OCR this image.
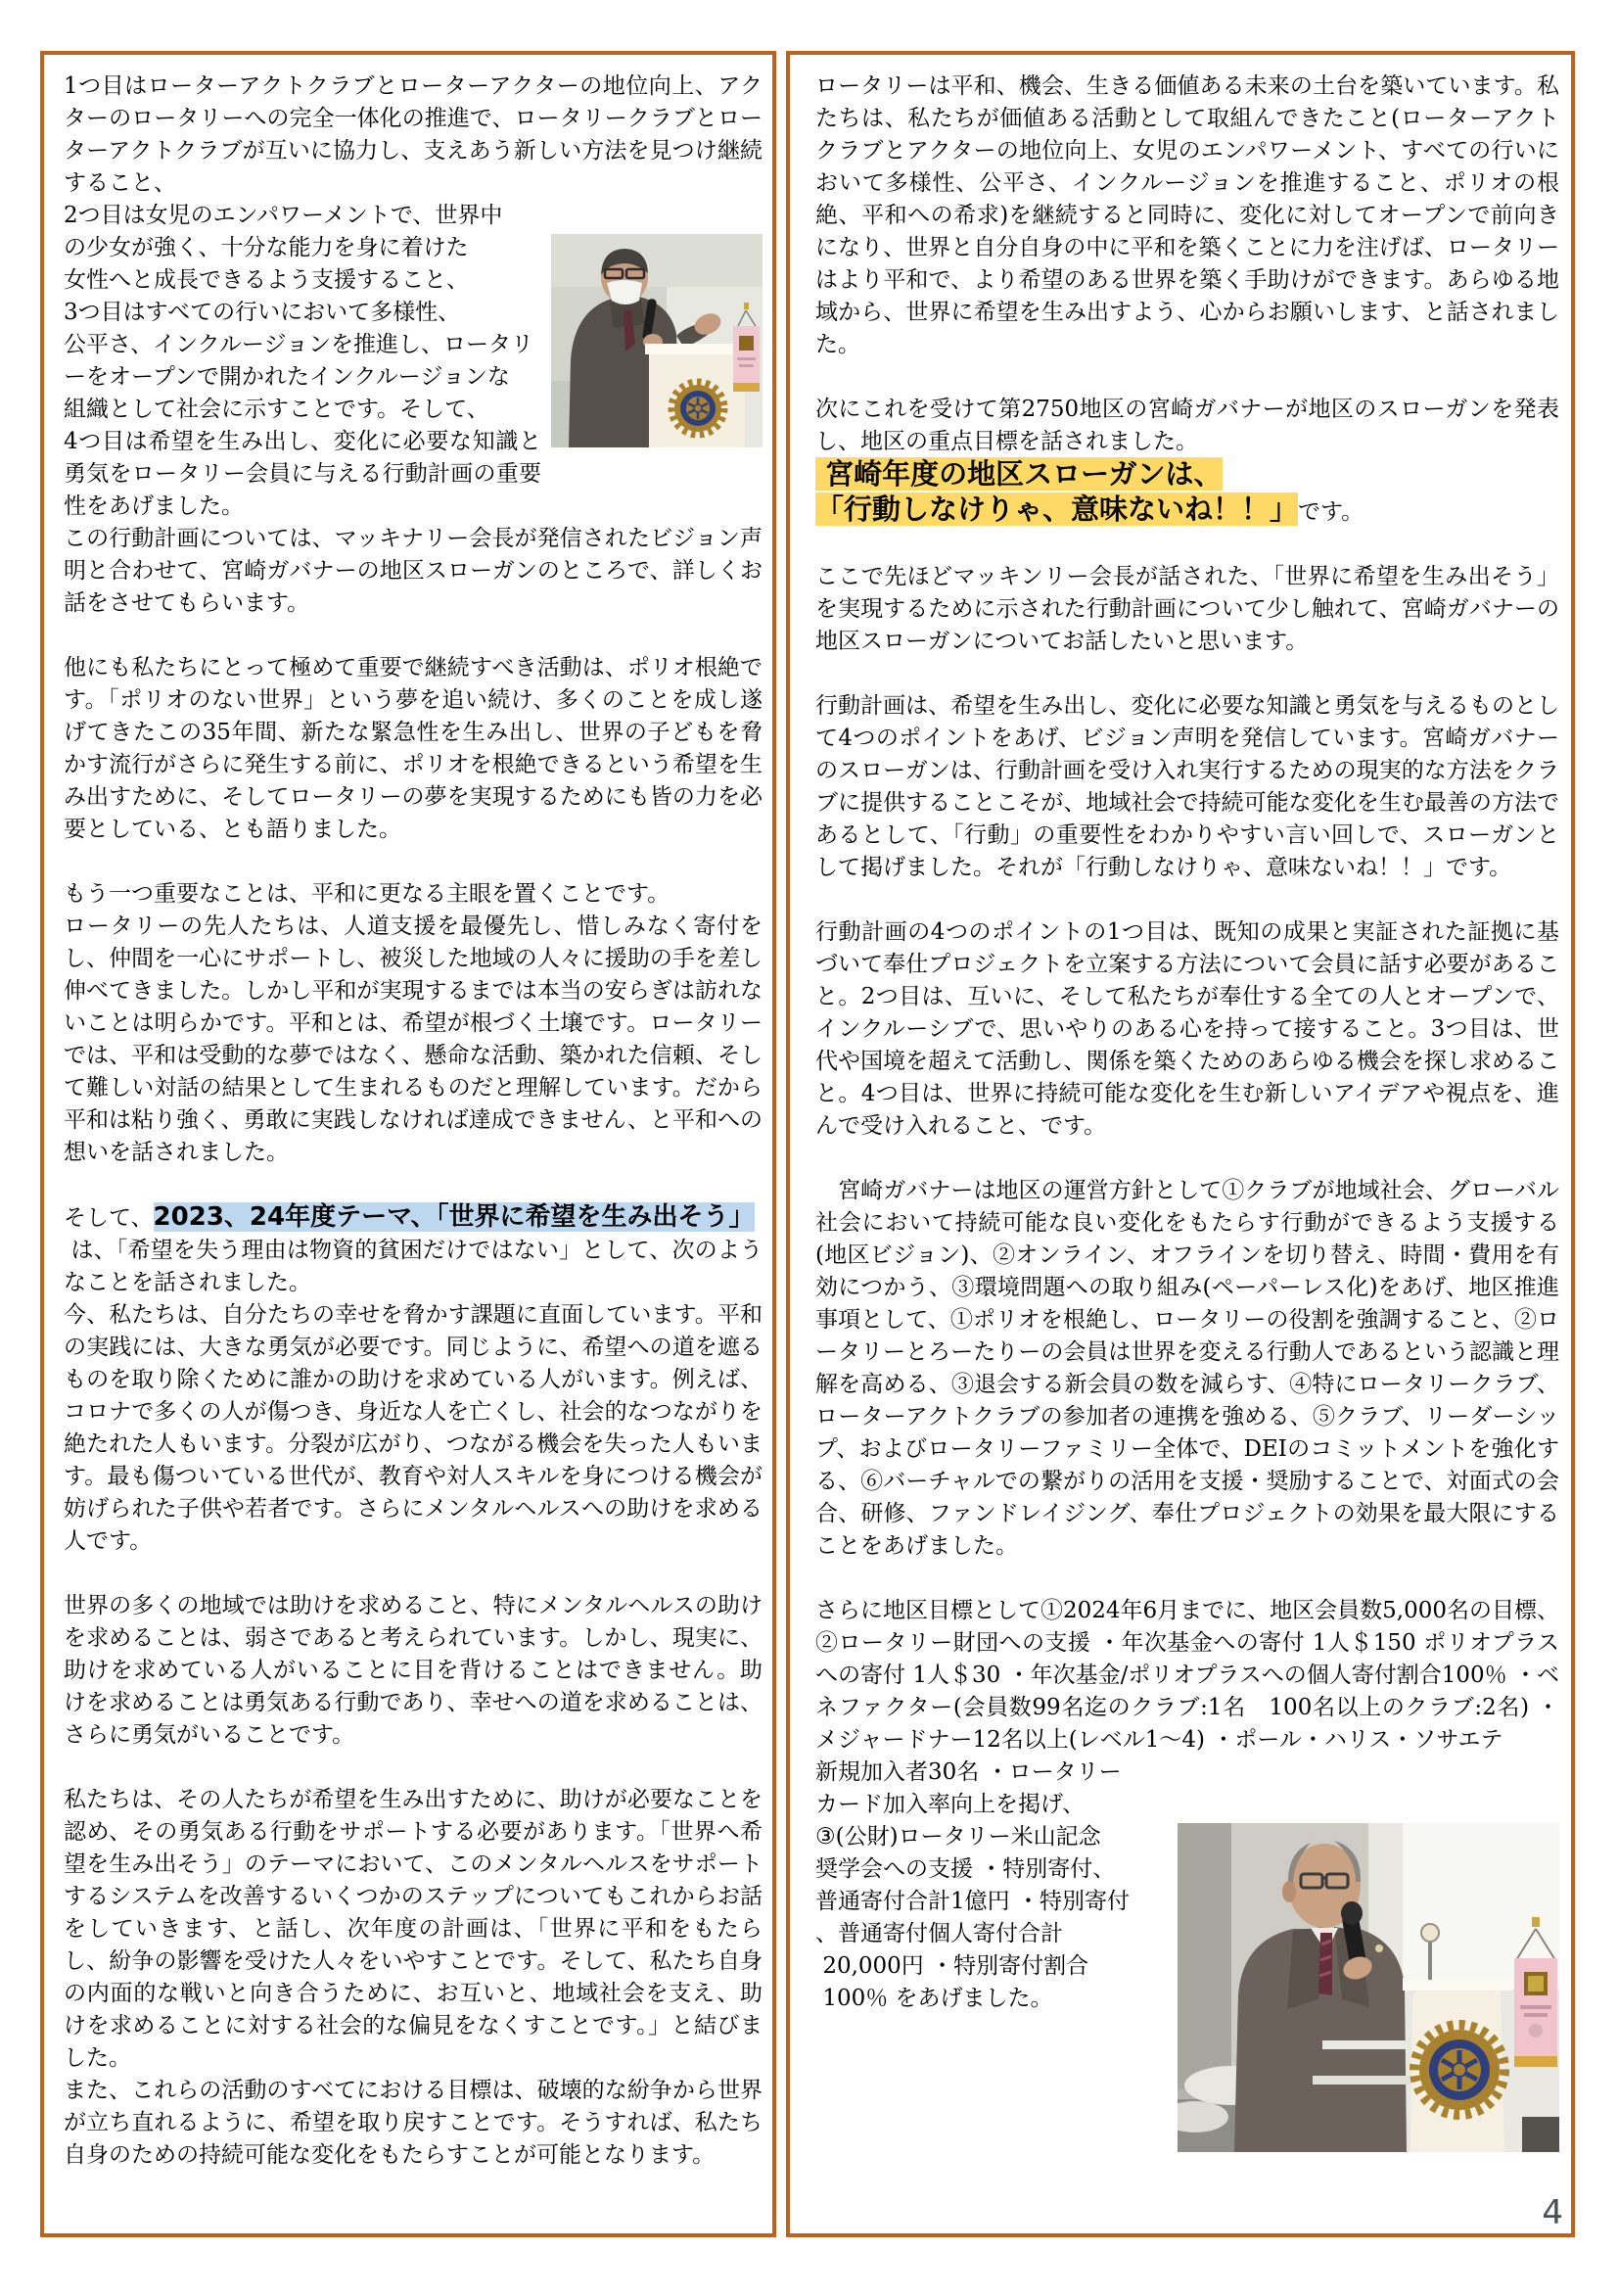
1つ目はローターアクトクラブとローターアクターの地位向上、アクターのロータリーへの完全一体化の推進で、ロータリークラブとローターアクトクラブが互いに協力し、支えあう新しい方法を見つ

け継続すること、
2つ目は女児のエンパワーメントで、世界中
の少女が強く、十分な能力を身に着けた
女性へと成長できるよう支援すること、
3つ目はすべての行いにおいて多様性、
公平さ、インクルージョンを推進し、ロータリ
ーをオープンで開かれたインクルージョンな
組織として社会に示すことです。そして、
4つ目は希望を生み出し、変化に必要な知識と勇気をロータリー会員に与える行動計画の重要性をあげました。
この行動計画については、マッキナリー会長が発信されたビジョン声明と合わせて、宮崎ガバナーの地区スローガンのところで、詳しくお話をさせてもらいます。

他にも私たちにとって極めて重要で継続すべき活動は、ポリオ根絶です。「ポリオのない世界」という夢を追い続け、多くのことを成し遂げてきたこの35年間、新たな緊急性を生み出し、世界の子どもを脅かす流行がさらに発生する前に、ポリオを根絶できるという希望を生み出すために、そしてロータリーの夢を実現するためにも皆の力を必要としている、とも語りました。

もう一つ重要なことは、平和に更なる主眼を置くことです。
ロータリーの先人たちは、人道支援を最優先し、惜しみなく寄付をし、仲間を一心にサポートし、被災した地域の人々に援助の手を差し伸べてきました。しかし平和が実現するまでは本当の安らぎは訪れないことは明らかです。平和とは、希望が根づく土壌です。ロータリーでは、平和は受動的な夢ではなく、懸命な活動、築かれた信頼、そして難しい対話の結果として生まれるものだと理解しています。だから平和は粘り強く、勇敢に実践しなければ達成できません、と平和への想いを話されました。

そして、2023、24年度テーマ、「世界に希望を生み出そう」
は、「希望を失う理由は物資的貧困だけではない」として、次のようなことを話されました。
今、私たちは、自分たちの幸せを脅かす課題に直面しています。平和の実践には、大きな勇気が必要です。同じように、希望への道を遮るものを取り除くために誰かの助けを求めている人がいます。例えば、コロナで多くの人が傷つき、身近な人を亡くし、社会的なつながりを絶たれた人もいます。分裂が広がり、つながる機会を失った人もいます。最も傷ついている世代が、教育や対人スキルを身につける機会が妨げられた子供や若者です。さらにメンタルヘルスへの助けを求める人です。

世界の多くの地域では助けを求めること、特にメンタルヘルスの助けを求めることは、弱さであると考えられています。しかし、現実に、助けを求めている人がいることに目を背けることはできません。助けを求めることは勇気ある行動であり、幸せへの道を求めることは、さらに勇気がいることです。

私たちは、その人たちが希望を生み出すために、助けが必要なことを認め、その勇気ある行動をサポートする必要があります。「世界へ希望を生み出そう」のテーマにおいて、このメンタルヘルスをサポートするシステムを改善するいくつかのステップについてもこれからお話をしていきます、と話し、次年度の計画は、「世界に平和をもたらし、紛争の影響を受けた人々をいやすことです。そして、私たち自身の内面的な戦いと向き合うために、お互いと、地域社会を支え、助けを求めることに対する社会的な偏見をなくすことです。」と結びました。
また、これらの活動のすべてにおける目標は、破壊的な紛争から世界が立ち直れるように、希望を取り戻すことです。そうすれば、私たち自身のための持続可能な変化をもたらすことが可能となります。

ロータリーは平和、機会、生きる価値ある未来の土台を築いています。私たちは、私たちが価値ある活動として取組んできたこと(ローターアクトクラブとアクターの地位向上、女児のエンパワーメント、すべての行いにおいて多様性、公平さ、インクルージョンを推進すること、ポリオの根絶、平和への希求)を継続すると同時に、変化に対してオープンで前向きになり、世界と自分自身の中に平和を築くことに力を注げば、ロータリーはより平和で、より希望のある世界を築く手助けができます。あらゆる地域から、世界に希望を生み出すよう、心からお願いします、と話されました。

次にこれを受けて第2750地区の宮崎ガバナーが地区のスローガンを発表し、地区の重点目標を話されました。
宮崎年度の地区スローガンは、
「行動しなけりゃ、意味ないね！！」です。

ここで先ほどマッキンリー会長が話された、「世界に希望を生み出そう」を実現するために示された行動計画について少し触れて、宮崎ガバナーの地区スローガンについてお話したいと思います。

行動計画は、希望を生み出し、変化に必要な知識と勇気を与えるものとして4つのポイントをあげ、ビジョン声明を発信しています。宮崎ガバナーのスローガンは、行動計画を受け入れ実行するための現実的な方法をクラブに提供することこそが、地域社会で持続可能な変化を生む最善の方法であるとして、「行動」の重要性をわかりやすい言い回しで、スローガンとして掲げました。それが「行動しなけりゃ、意味ないね！！」です。

行動計画の4つのポイントの1つ目は、既知の成果と実証された証拠に基づいて奉仕プロジェクトを立案する方法について会員に話す必要があること。2つ目は、互いに、そして私たちが奉仕する全ての人とオープンで、インクルーシブで、思いやりのある心を持って接すること。3つ目は、世代や国境を超えて活動し、関係を築くためのあらゆる機会を探し求めること。4つ目は、世界に持続可能な変化を生む新しいアイデアや視点を、進んで受け入れること、です。

　宮崎ガバナーは地区の運営方針として①クラブが地域社会、グローバル社会において持続可能な良い変化をもたらす行動ができるよう支援する(地区ビジョン)、②オンライン、オフラインを切り替え、時間・費用を有効につかう、③環境問題への取り組み(ペーパーレス化)をあげ、地区推進事項として、①ポリオを根絶し、ロータリーの役割を強調すること、②ロータリーとろーたりーの会員は世界を変える行動人であるという認識と理解を高める、③退会する新会員の数を減らす、④特にロータリークラブ、ローターアクトクラブの参加者の連携を強める、⑤クラブ、リーダーシップ、およびロータリーファミリー全体で、DEIのコミットメントを強化する、⑥バーチャルでの繋がりの活用を支援・奨励することで、対面式の会合、研修、ファンドレイジング、奉仕プロジェクトの効果を最大限にすることをあげました。

さらに地区目標として①2024年6月までに、地区会員数5,000名の目標、②ロータリー財団への支援 ・年次基金への寄付 1人＄150 ポリオプラスへの寄付 1人＄30 ・年次基金/ポリオプラスへの個人寄付割合100％ ・ベネファクター(会員数99名迄のクラブ:1名　100名以上のクラブ:2名) ・メジャードナー12名以上(レベル1～4) ・ポール・ハリス・ソサエテ

新規加入者30名 ・ロータリー
カード加入率向上を掲げ、
③(公財)ロータリー米山記念
奨学会への支援 ・特別寄付、
普通寄付合計1億円 ・特別寄付
、普通寄付個人寄付合計
20,000円 ・特別寄付割合
100％ をあげました。

4
